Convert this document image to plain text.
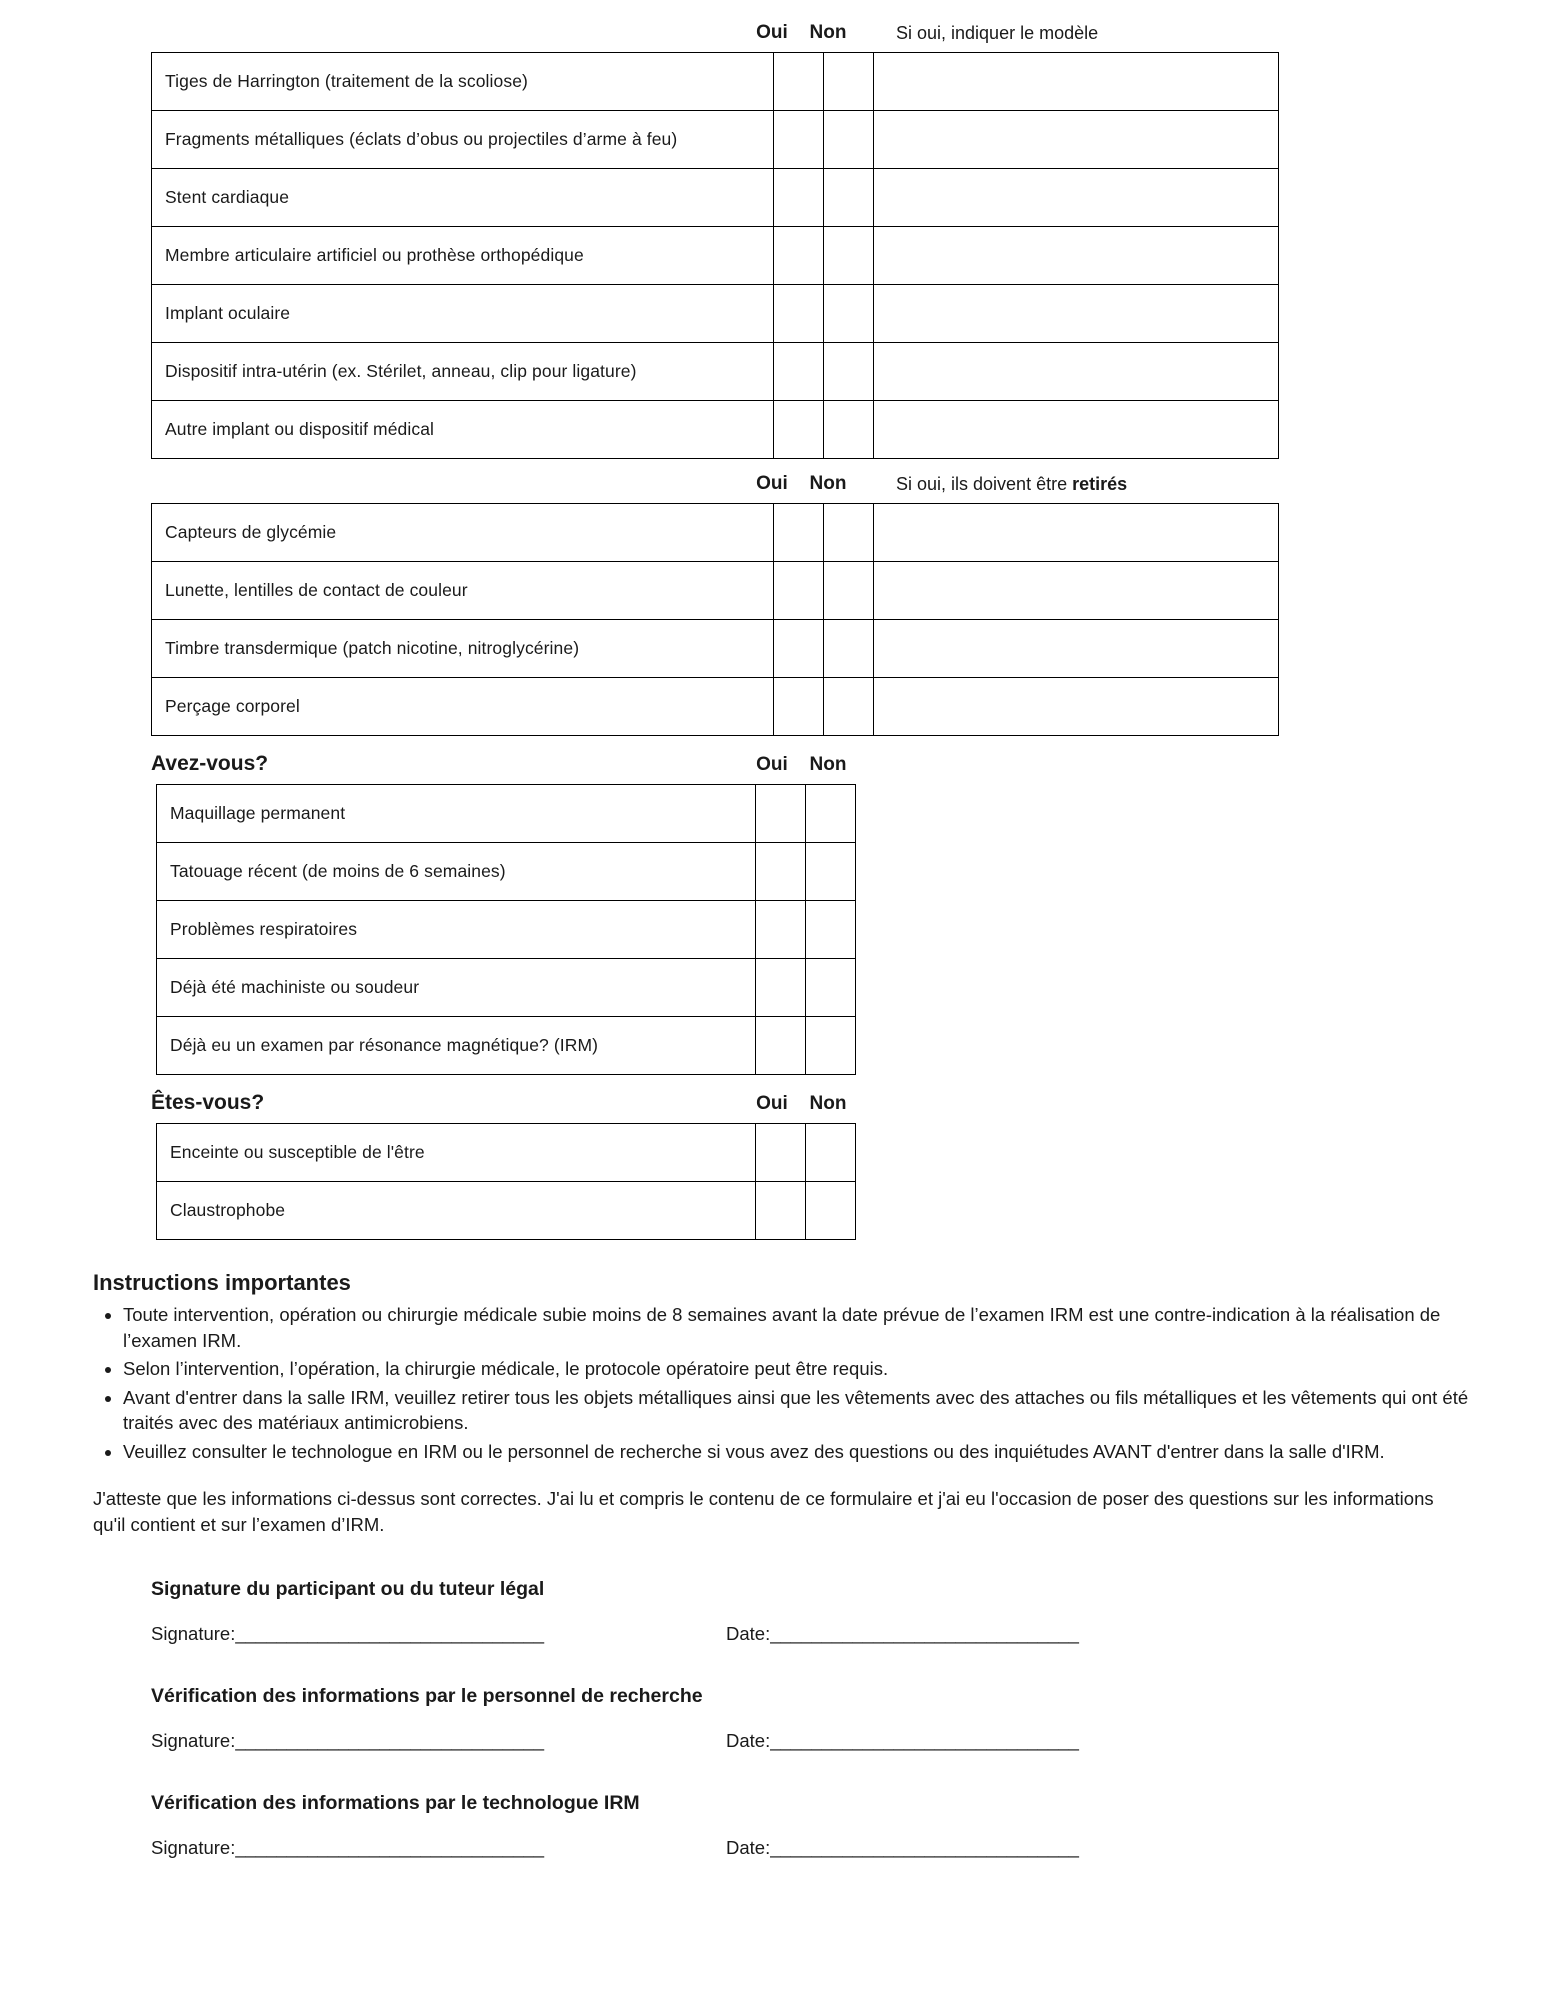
Oui	Non	Si oui, indiquer le modèle
Tiges de Harrington (traitement de la scoliose)			
Fragments métalliques (éclats d’obus ou projectiles d’arme à feu)			
Stent cardiaque			
Membre articulaire artificiel ou prothèse orthopédique			
Implant oculaire			
Dispositif intra-utérin (ex. Stérilet, anneau, clip pour ligature)			
Autre implant ou dispositif médical			
Oui	Non	Si oui, ils doivent être retirés
Capteurs de glycémie			
Lunette, lentilles de contact de couleur			
Timbre transdermique (patch nicotine, nitroglycérine)			
Perçage corporel			
Avez-vous?	Oui	Non
Maquillage permanent		
Tatouage récent (de moins de 6 semaines)		
Problèmes respiratoires		
Déjà été machiniste ou soudeur		
Déjà eu un examen par résonance magnétique? (IRM)		
Êtes-vous?	Oui	Non
Enceinte ou susceptible de l'être		
Claustrophobe		
Instructions importantes
• Toute intervention, opération ou chirurgie médicale subie moins de 8 semaines avant la date prévue de l’examen IRM est une contre-indication à la réalisation de l’examen IRM.
• Selon l’intervention, l’opération, la chirurgie médicale, le protocole opératoire peut être requis.
• Avant d'entrer dans la salle IRM, veuillez retirer tous les objets métalliques ainsi que les vêtements avec des attaches ou fils métalliques et les vêtements qui ont été traités avec des matériaux antimicrobiens.
• Veuillez consulter le technologue en IRM ou le personnel de recherche si vous avez des questions ou des inquiétudes AVANT d'entrer dans la salle d'IRM.

J'atteste que les informations ci-dessus sont correctes. J'ai lu et compris le contenu de ce formulaire et j'ai eu l'occasion de poser des questions sur les informations qu'il contient et sur l’examen d’IRM.

Signature du participant ou du tuteur légal
Signature:______________________________	Date:______________________________
Vérification des informations par le personnel de recherche
Signature:______________________________	Date:______________________________
Vérification des informations par le technologue IRM
Signature:______________________________	Date:______________________________
